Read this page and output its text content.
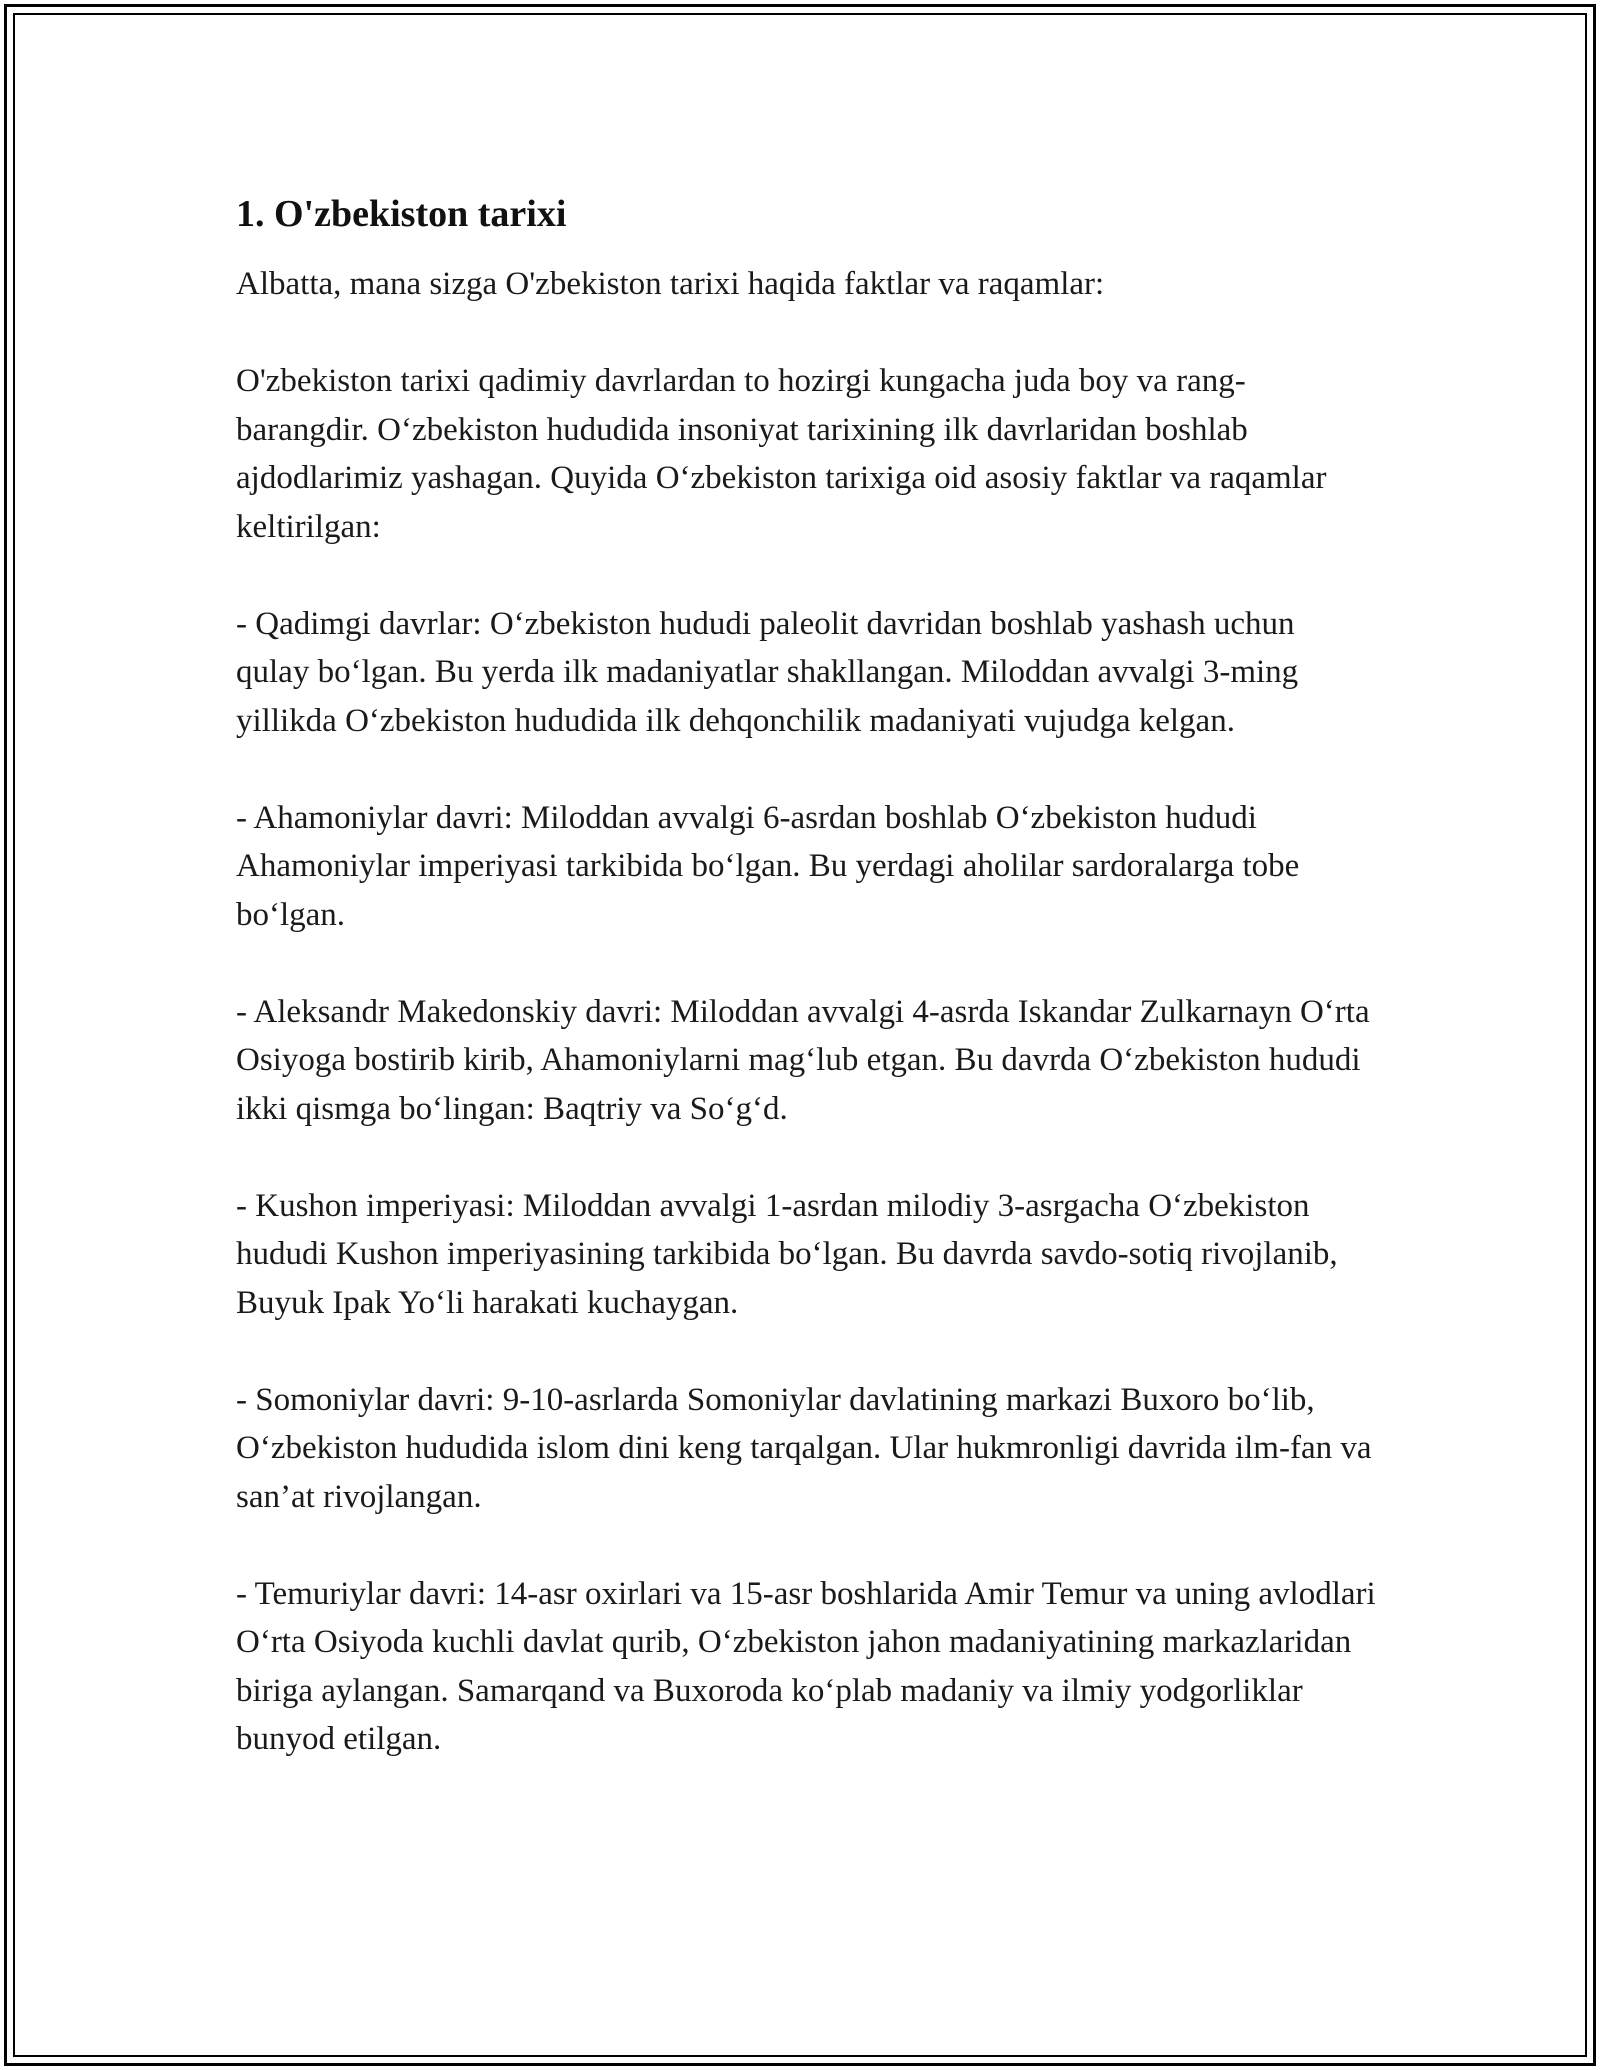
1. O'zbekiston tarixi

Albatta, mana sizga O'zbekiston tarixi haqida faktlar va raqamlar:

O'zbekiston tarixi qadimiy davrlardan to hozirgi kungacha juda boy va rang-barangdir. O‘zbekiston hududida insoniyat tarixining ilk davrlaridan boshlab ajdodlarimiz yashagan. Quyida O‘zbekiston tarixiga oid asosiy faktlar va raqamlar keltirilgan:

- Qadimgi davrlar: O‘zbekiston hududi paleolit davridan boshlab yashash uchun qulay bo‘lgan. Bu yerda ilk madaniyatlar shakllangan. Miloddan avvalgi 3-ming yillikda O‘zbekiston hududida ilk dehqonchilik madaniyati vujudga kelgan.

- Ahamoniylar davri: Miloddan avvalgi 6-asrdan boshlab O‘zbekiston hududi Ahamoniylar imperiyasi tarkibida bo‘lgan. Bu yerdagi aholilar sardoralarga tobe bo‘lgan.

- Aleksandr Makedonskiy davri: Miloddan avvalgi 4-asrda Iskandar Zulkarnayn O‘rta Osiyoga bostirib kirib, Ahamoniylarni mag‘lub etgan. Bu davrda O‘zbekiston hududi ikki qismga bo‘lingan: Baqtriy va So‘g‘d.

- Kushon imperiyasi: Miloddan avvalgi 1-asrdan milodiy 3-asrgacha O‘zbekiston hududi Kushon imperiyasining tarkibida bo‘lgan. Bu davrda savdo-sotiq rivojlanib, Buyuk Ipak Yo‘li harakati kuchaygan.

- Somoniylar davri: 9-10-asrlarda Somoniylar davlatining markazi Buxoro bo‘lib, O‘zbekiston hududida islom dini keng tarqalgan. Ular hukmronligi davrida ilm-fan va san’at rivojlangan.

- Temuriylar davri: 14-asr oxirlari va 15-asr boshlarida Amir Temur va uning avlodlari O‘rta Osiyoda kuchli davlat qurib, O‘zbekiston jahon madaniyatining markazlaridan biriga aylangan. Samarqand va Buxoroda ko‘plab madaniy va ilmiy yodgorliklar bunyod etilgan.
